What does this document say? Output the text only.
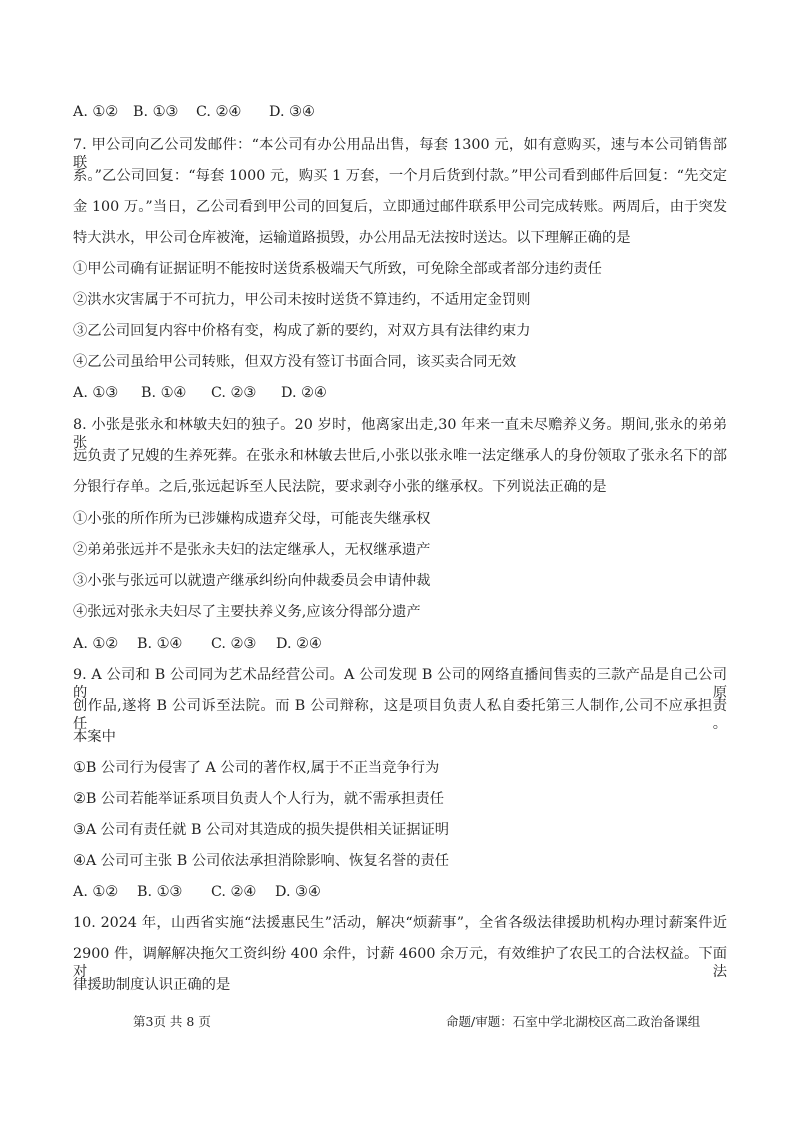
A. ①② B. ①③ C. ②④ D. ③④
7. 甲公司向乙公司发邮件：“本公司有办公用品出售，每套 1300 元，如有意购买，速与本公司销售部联
系。”乙公司回复：“每套 1000 元，购买 1 万套，一个月后货到付款。”甲公司看到邮件后回复：“先交定
金 100 万。”当日，乙公司看到甲公司的回复后，立即通过邮件联系甲公司完成转账。两周后，由于突发
特大洪水，甲公司仓库被淹，运输道路损毁，办公用品无法按时送达。以下理解正确的是
①甲公司确有证据证明不能按时送货系极端天气所致，可免除全部或者部分违约责任
②洪水灾害属于不可抗力，甲公司未按时送货不算违约，不适用定金罚则
③乙公司回复内容中价格有变，构成了新的要约，对双方具有法律约束力
④乙公司虽给甲公司转账，但双方没有签订书面合同，该买卖合同无效
A. ①③ B. ①④ C. ②③ D. ②④
8. 小张是张永和林敏夫妇的独子。20 岁时，他离家出走,30 年来一直未尽赡养义务。期间,张永的弟弟张
远负责了兄嫂的生养死葬。在张永和林敏去世后,小张以张永唯一法定继承人的身份领取了张永名下的部
分银行存单。之后,张远起诉至人民法院，要求剥夺小张的继承权。下列说法正确的是
①小张的所作所为已涉嫌构成遗弃父母，可能丧失继承权
②弟弟张远并不是张永夫妇的法定继承人，无权继承遗产
③小张与张远可以就遗产继承纠纷向仲裁委员会申请仲裁
④张远对张永夫妇尽了主要扶养义务,应该分得部分遗产
A. ①② B. ①④ C. ②③ D. ②④
9. A 公司和 B 公司同为艺术品经营公司。A 公司发现 B 公司的网络直播间售卖的三款产品是自己公司的原
创作品,遂将 B 公司诉至法院。而 B 公司辩称，这是项目负责人私自委托第三人制作,公司不应承担责任。
本案中
①B 公司行为侵害了 A 公司的著作权,属于不正当竞争行为
②B 公司若能举证系项目负责人个人行为，就不需承担责任
③A 公司有责任就 B 公司对其造成的损失提供相关证据证明
④A 公司可主张 B 公司依法承担消除影响、恢复名誉的责任
A. ①② B. ①③ C. ②④ D. ③④
10. 2024 年，山西省实施“法援惠民生”活动，解决“烦薪事”，全省各级法律援助机构办理讨薪案件近
2900 件，调解解决拖欠工资纠纷 400 余件，讨薪 4600 余万元，有效维护了农民工的合法权益。下面对法
律援助制度认识正确的是
第3页 共 8 页	命题/审题：石室中学北湖校区高二政治备课组
